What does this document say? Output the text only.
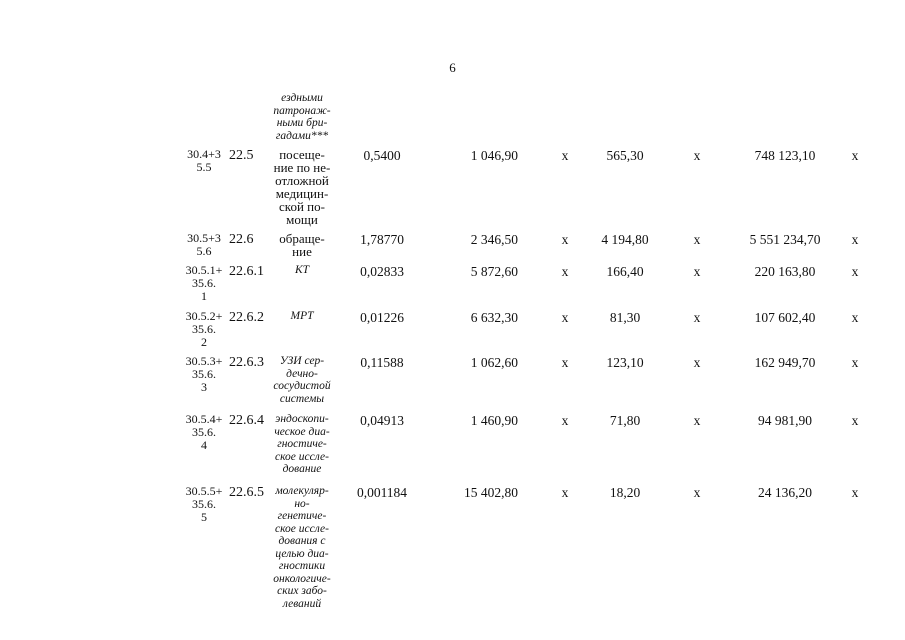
6
ездными
патронаж-
ными бри-
гадами***
30.4+3
5.5
22.5	посеще-
ние по не-
отложной
медицин-
ской по-
мощи
0,5400	1 046,90	х	565,30	х	748 123,10	х
30.5+3
5.6
22.6	обраще-
ние
1,78770	2 346,50	х	4 194,80	х	5 551 234,70	х
30.5.1+
35.6.
1
22.6.1	КТ	0,02833	5 872,60	х	166,40	х	220 163,80	х
30.5.2+
35.6.
2
22.6.2	МРТ	0,01226	6 632,30	х	81,30	х	107 602,40	х
30.5.3+
35.6.
3
22.6.3	УЗИ сер-
дечно-
сосудистой
системы
0,11588	1 062,60	х	123,10	х	162 949,70	х
30.5.4+
35.6.
4
22.6.4 эндоскопи-
ческое диа-
гностиче-
ское иссле-
дование
0,04913	1 460,90	х	71,80	х	94 981,90	х
30.5.5+
35.6.
5
22.6.5 молекуляр-
но-
генетиче-
ское иссле-
дования с
целью диа-
гностики
онкологиче-
ских забо-
леваний
0,001184	15 402,80	х	18,20	х	24 136,20	х
